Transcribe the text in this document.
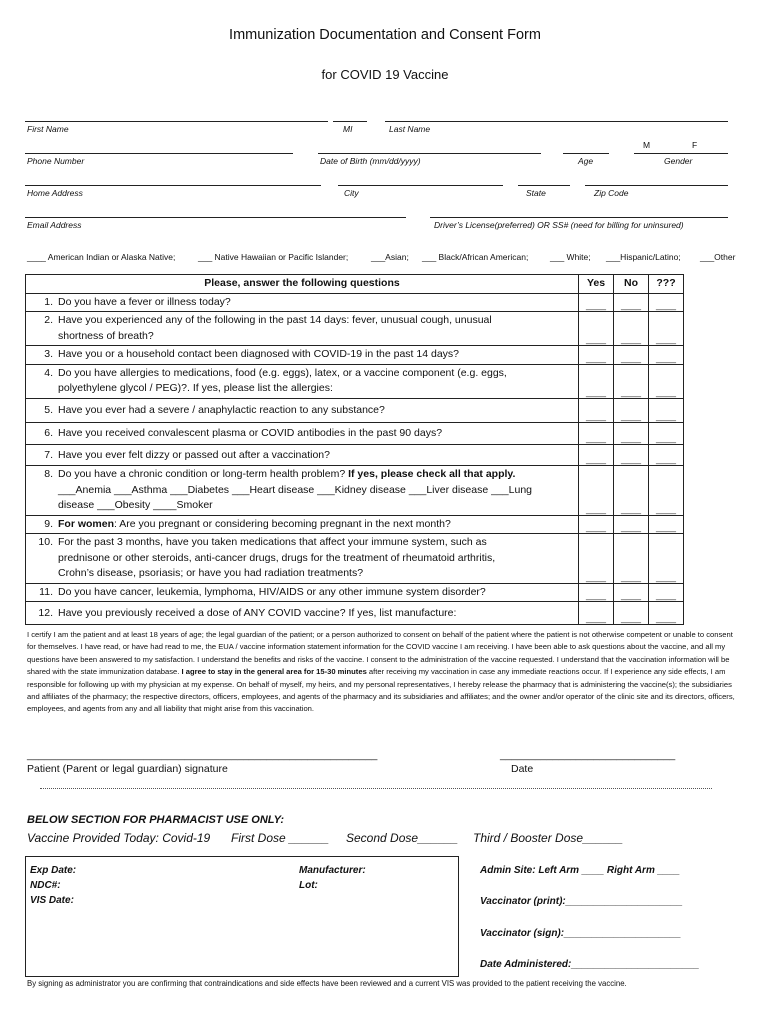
Immunization Documentation and Consent Form
for COVID 19 Vaccine
First Name	MI	Last Name
M	F
Phone Number	Date of Birth (mm/dd/yyyy)	Age	Gender
Home Address	City	State	Zip Code
Email Address	Driver’s License(preferred) OR SS# (need for billing for uninsured)
____ American Indian or Alaska Native;	___ Native Hawaiian or Pacific Islander;	___Asian; ___ Black/African American;	___ White; ___Hispanic/Latino; ___Other
Please, answer the following questions	Yes	No	???
1. Do you have a fever or illness today?	____	____	____
2. Have you experienced any of the following in the past 14 days: fever, unusual cough, unusual
shortness of breath?	____	____	____
3. Have you or a household contact been diagnosed with COVID-19 in the past 14 days?	____	____	____
4. Do you have allergies to medications, food (e.g. eggs), latex, or a vaccine component (e.g. eggs,
polyethylene glycol / PEG)?. If yes, please list the allergies:	____	____	____
5. Have you ever had a severe / anaphylactic reaction to any substance?	____	____	____
6. Have you received convalescent plasma or COVID antibodies in the past 90 days?	____	____	____
7. Have you ever felt dizzy or passed out after a vaccination?	____	____	____
8. Do you have a chronic condition or long-term health problem? If yes, please check all that apply.
___Anemia ___Asthma ___Diabetes ___Heart disease ___Kidney disease ___Liver disease ___Lung
disease ___Obesity ____Smoker	____	____	____
9. For women: Are you pregnant or considering becoming pregnant in the next month?	____	____	____
10. For the past 3 months, have you taken medications that affect your immune system, such as
prednisone or other steroids, anti-cancer drugs, drugs for the treatment of rheumatoid arthritis,
Crohn’s disease, psoriasis; or have you had radiation treatments?	____	____	____
11. Do you have cancer, leukemia, lymphoma, HIV/AIDS or any other immune system disorder?	____	____	____
12. Have you previously received a dose of ANY COVID vaccine? If yes, list manufacture:	____	____	____
I certify I am the patient and at least 18 years of age; the legal guardian of the patient; or a person authorized to consent on behalf of the patient where the patient is not otherwise competent or unable to consent for themselves. I have read, or have had read to me, the EUA / vaccine information statement information for the COVID vaccine I am receiving. I have been able to ask questions about the vaccine, and all my questions have been answered to my satisfaction. I understand the benefits and risks of the vaccine. I consent to the administration of the vaccine requested. I understand that the vaccination information will be shared with the state immunization database. I agree to stay in the general area for 15-30 minutes after receiving my vaccination in case any immediate reactions occur. If I experience any side effects, I am responsible for following up with my physician at my expense. On behalf of myself, my heirs, and my personal representatives, I hereby release the pharmacy that is administering the vaccine(s); the subsidiaries and affiliates of the pharmacy; the respective directors, officers, employees, and agents of the pharmacy and its subsidiaries and affiliates; and the owner and/or operator of the clinic site and its directors, officers, employees, and agents from any and all liability that might arise from this vaccination.
____________________________________________________________	______________________________
Patient (Parent or legal guardian) signature	Date
BELOW SECTION FOR PHARMACIST USE ONLY:
Vaccine Provided Today: Covid-19 First Dose ______ Second Dose______ Third / Booster Dose______
Exp Date:
NDC#:
VIS Date:
Manufacturer:
Lot:
Admin Site: Left Arm ____ Right Arm ____
Vaccinator (print):_____________________
Vaccinator (sign):_____________________
Date Administered:_______________________
By signing as administrator you are confirming that contraindications and side effects have been reviewed and a current VIS was provided to the patient receiving the vaccine.
